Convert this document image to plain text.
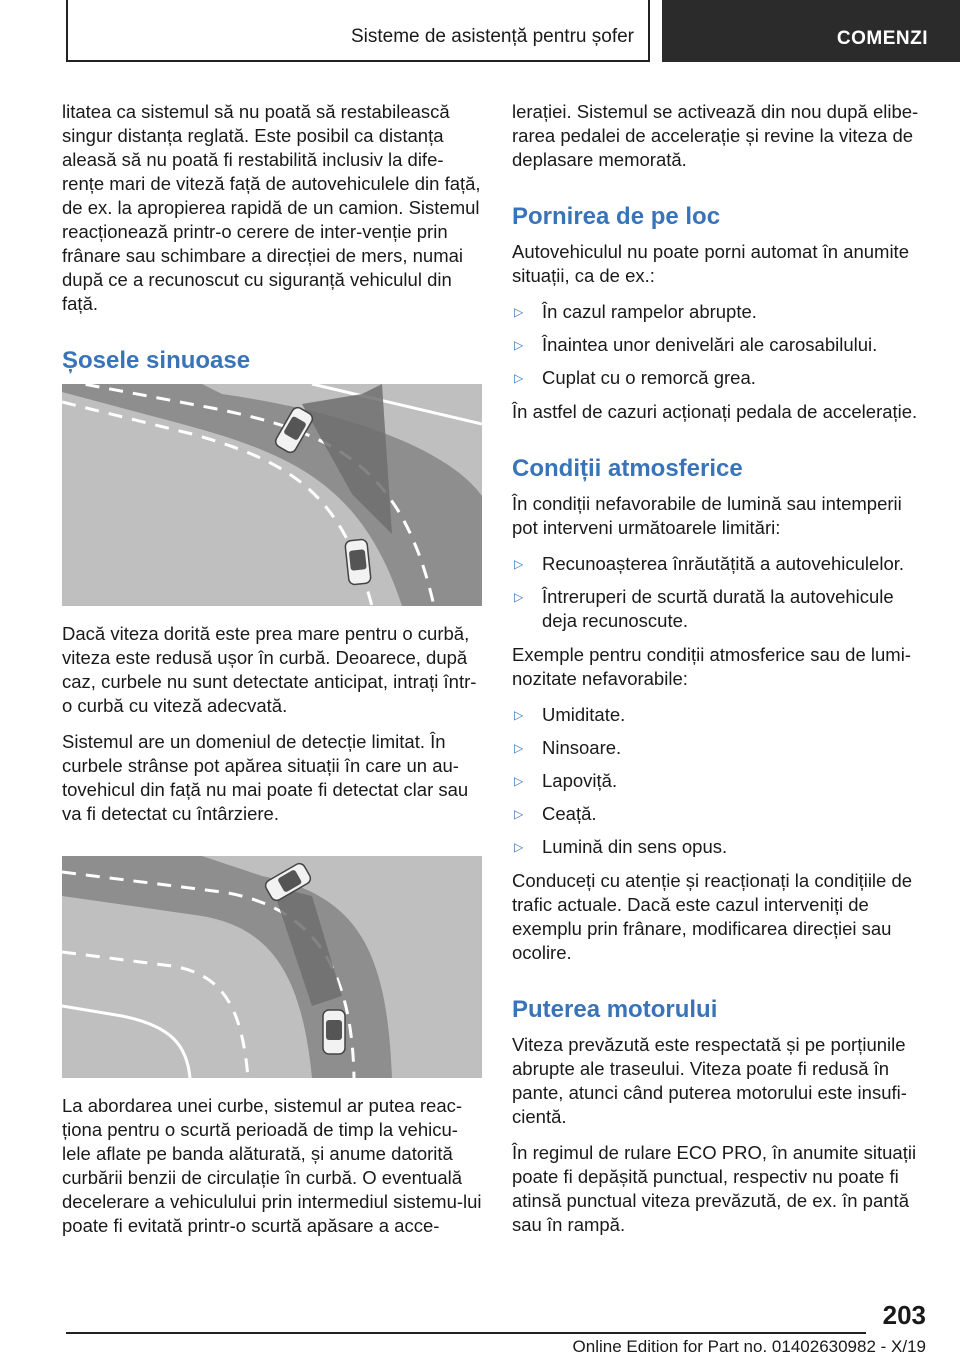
Sisteme de asistență pentru șofer	COMENZI

litatea ca sistemul să nu poată să restabilească singur distanța reglată. Este posibil ca distanța aleasă să nu poată fi restabilită inclusiv la dife-rențe mari de viteză față de autovehiculele din față, de ex. la apropierea rapidă de un camion. Sistemul reacționează printr-o cerere de inter-venție prin frânare sau schimbare a direcției de mers, numai după ce a recunoscut cu siguranță vehiculul din față.

Șosele sinuoase

Dacă viteza dorită este prea mare pentru o curbă, viteza este redusă ușor în curbă. Deoarece, după caz, curbele nu sunt detectate anticipat, intrați într-o curbă cu viteză adecvată.

Sistemul are un domeniul de detecție limitat. În curbele strânse pot apărea situații în care un au-tovehicul din față nu mai poate fi detectat clar sau va fi detectat cu întârziere.

La abordarea unei curbe, sistemul ar putea reac-ționa pentru o scurtă perioadă de timp la vehicu-lele aflate pe banda alăturată, și anume datorită curbării benzii de circulație în curbă. O eventuală decelerare a vehiculului prin intermediul sistemu-lui poate fi evitată printr-o scurtă apăsare a acce-

lerației. Sistemul se activează din nou după elibe-rarea pedalei de accelerație și revine la viteza de deplasare memorată.

Pornirea de pe loc

Autovehiculul nu poate porni automat în anumite situații, ca de ex.:

▷ În cazul rampelor abrupte.
▷ Înaintea unor denivelări ale carosabilului.
▷ Cuplat cu o remorcă grea.

În astfel de cazuri acționați pedala de accelerație.

Condiții atmosferice

În condiții nefavorabile de lumină sau intemperii pot interveni următoarele limitări:

▷ Recunoașterea înrăutățită a autovehiculelor.
▷ Întreruperi de scurtă durată la autovehicule deja recunoscute.

Exemple pentru condiții atmosferice sau de lumi-nozitate nefavorabile:

▷ Umiditate.
▷ Ninsoare.
▷ Lapoviță.
▷ Ceață.
▷ Lumină din sens opus.

Conduceți cu atenție și reacționați la condițiile de trafic actuale. Dacă este cazul interveniți de exemplu prin frânare, modificarea direcției sau ocolire.

Puterea motorului

Viteza prevăzută este respectată și pe porțiunile abrupte ale traseului. Viteza poate fi redusă în pante, atunci când puterea motorului este insufi-cientă.

În regimul de rulare ECO PRO, în anumite situații poate fi depășită punctual, respectiv nu poate fi atinsă punctual viteza prevăzută, de ex. în pantă sau în rampă.

203
Online Edition for Part no. 01402630982 - X/19
